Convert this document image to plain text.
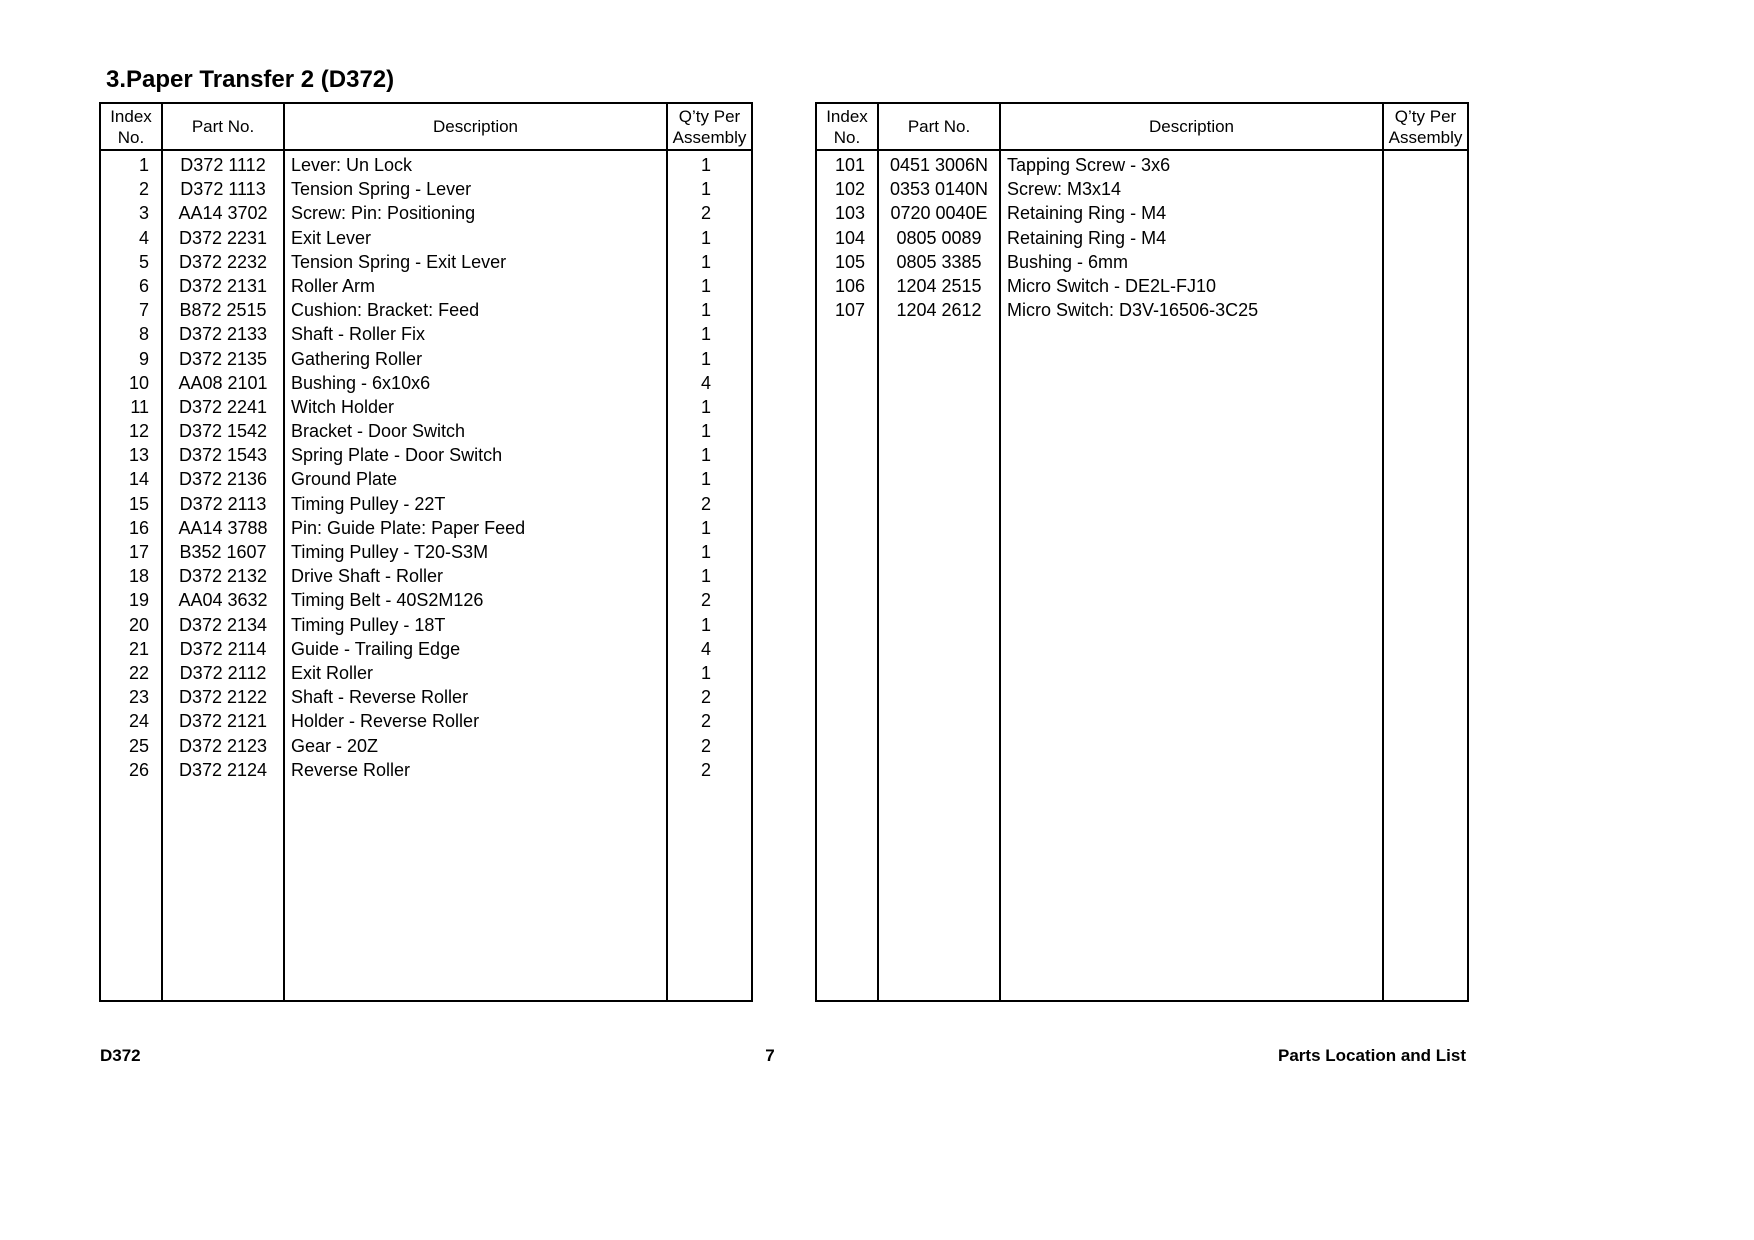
3.Paper Transfer 2 (D372)
Index
No.
Part No.	Description
Q’ty Per
Assembly
1	D372 1112	Lever: Un Lock	1
2	D372 1113	Tension Spring - Lever	1
3	AA14 3702	Screw: Pin: Positioning	2
4	D372 2231	Exit Lever	1
5	D372 2232	Tension Spring - Exit Lever	1
6	D372 2131	Roller Arm	1
7	B872 2515	Cushion: Bracket: Feed	1
8	D372 2133	Shaft - Roller Fix	1
9	D372 2135	Gathering Roller	1
10	AA08 2101	Bushing - 6x10x6	4
11	D372 2241	Witch Holder	1
12	D372 1542	Bracket - Door Switch	1
13	D372 1543	Spring Plate - Door Switch	1
14	D372 2136	Ground Plate	1
15	D372 2113	Timing Pulley - 22T	2
16	AA14 3788	Pin: Guide Plate: Paper Feed	1
17	B352 1607	Timing Pulley - T20-S3M	1
18	D372 2132	Drive Shaft - Roller	1
19	AA04 3632	Timing Belt - 40S2M126	2
20	D372 2134	Timing Pulley - 18T	1
21	D372 2114	Guide - Trailing Edge	4
22	D372 2112	Exit Roller	1
23	D372 2122	Shaft - Reverse Roller	2
24	D372 2121	Holder - Reverse Roller	2
25	D372 2123	Gear - 20Z	2
26	D372 2124	Reverse Roller	2
Index
No.
Part No.	Description
Q’ty Per
Assembly
101	0451 3006N	Tapping Screw - 3x6
102	0353 0140N	Screw: M3x14
103	0720 0040E	Retaining Ring - M4
104	0805 0089	Retaining Ring - M4
105	0805 3385	Bushing - 6mm
106	1204 2515	Micro Switch - DE2L-FJ10
107	1204 2612	Micro Switch: D3V-16506-3C25
D372	7	Parts Location and List
